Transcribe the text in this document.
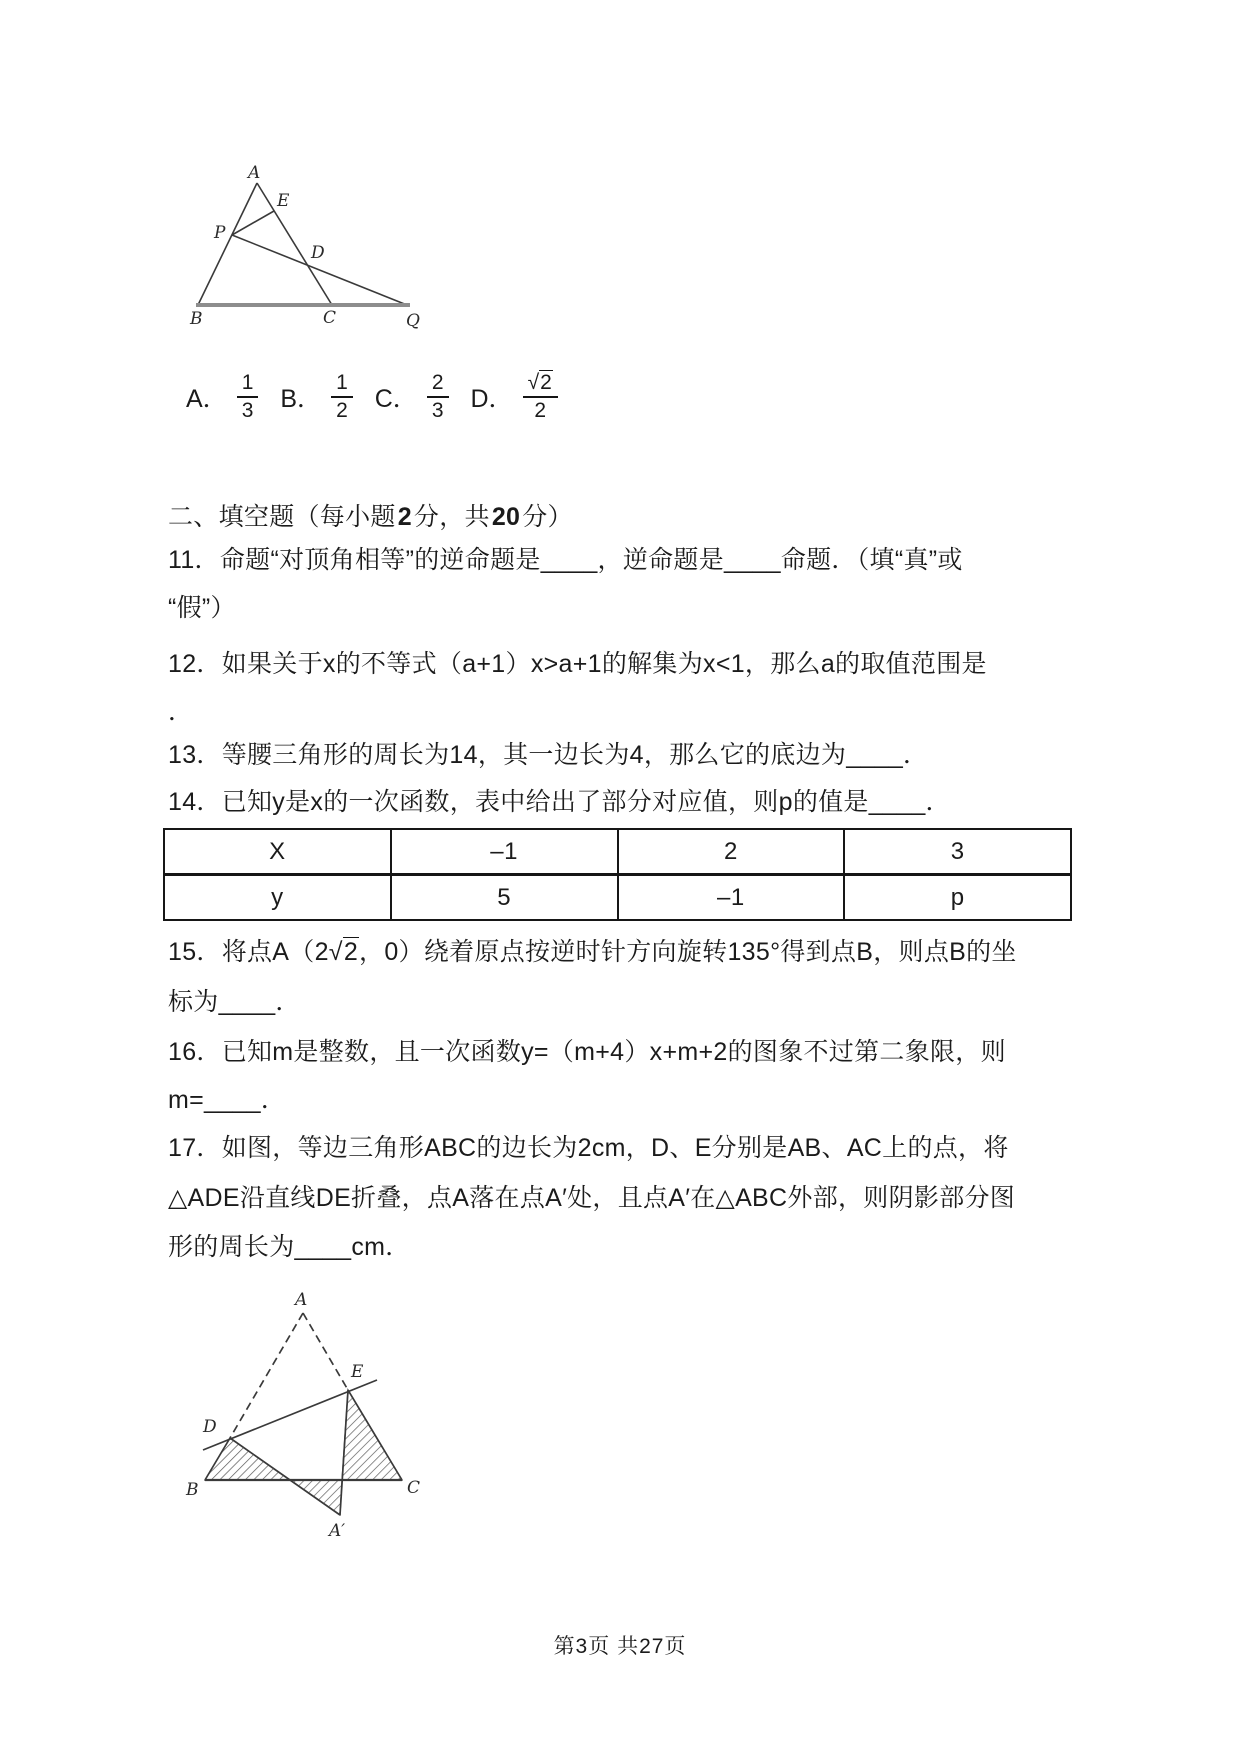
A
E
P
D
B	C	Q
A． $\frac{1}{3}$ B． $\frac{1}{2}$ C． $\frac{2}{3}$ D． $\frac{√2}{2}$
二、填空题（每小题2分，共20分）
11．命题“对顶角相等”的逆命题是____，逆命题是____命题．（填“真”或
“假”）
12．如果关于x的不等式（a+1）x>a+1的解集为x<1，那么a的取值范围是
．
13．等腰三角形的周长为14，其一边长为4，那么它的底边为____．
14．已知y是x的一次函数，表中给出了部分对应值，则p的值是____．
X	–1	2	3
y	5	–1	p
15．将点A（2√2，0）绕着原点按逆时针方向旋转135°得到点B，则点B的坐
标为____．
16．已知m是整数，且一次函数y=（m+4）x+m+2的图象不过第二象限，则
m=____．
17．如图，等边三角形ABC的边长为2cm，D、E分别是AB、AC上的点，将
△ADE沿直线DE折叠，点A落在点A′处，且点A′在△ABC外部，则阴影部分图
形的周长为____cm．
A
D
E
B	C
A′
第3页 共27页
